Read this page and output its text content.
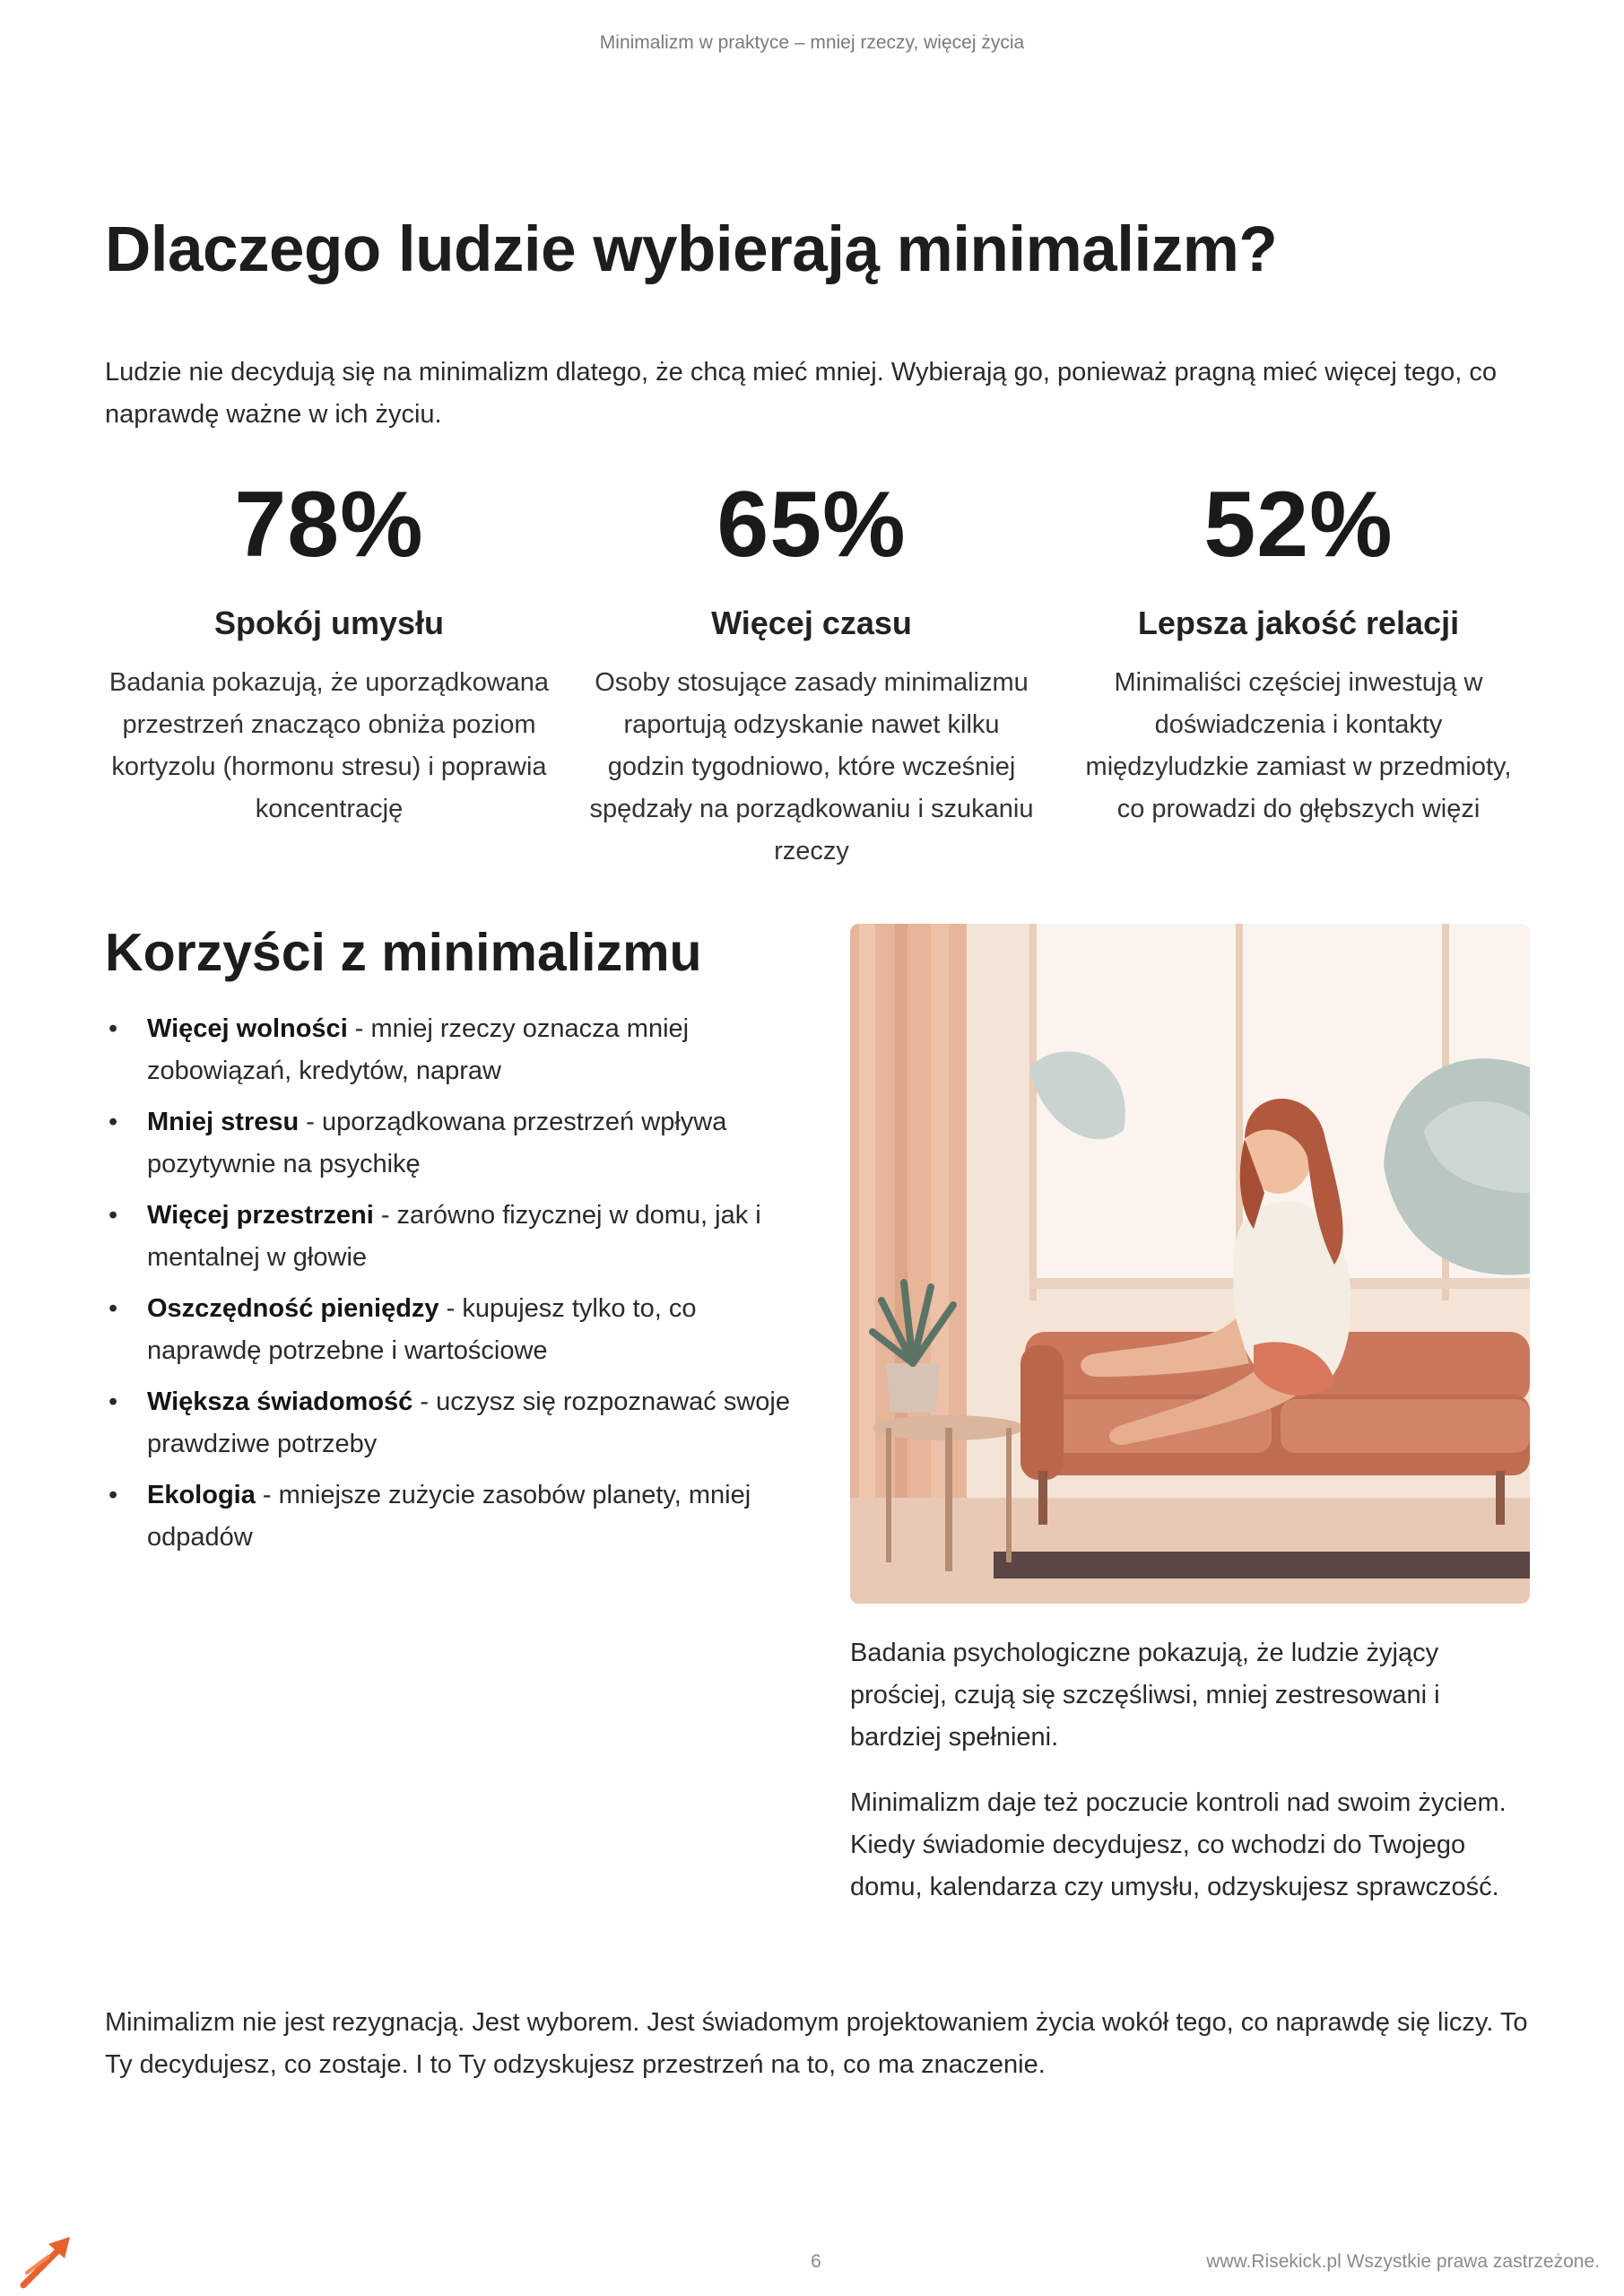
Minimalizm w praktyce – mniej rzeczy, więcej życia
Dlaczego ludzie wybierają minimalizm?

Ludzie nie decydują się na minimalizm dlatego, że chcą mieć mniej. Wybierają go, ponieważ pragną mieć więcej tego, co naprawdę ważne w ich życiu.

78%
Spokój umysłu
Badania pokazują, że uporządkowana przestrzeń znacząco obniża poziom kortyzolu (hormonu stresu) i poprawia koncentrację
65%
Więcej czasu
Osoby stosujące zasady minimalizmu raportują odzyskanie nawet kilku godzin tygodniowo, które wcześniej spędzały na porządkowaniu i szukaniu rzeczy
52%
Lepsza jakość relacji
Minimaliści częściej inwestują w doświadczenia i kontakty międzyludzkie zamiast w przedmioty, co prowadzi do głębszych więzi
Korzyści z minimalizmu
• Więcej wolności - mniej rzeczy oznacza mniej zobowiązań, kredytów, napraw
• Mniej stresu - uporządkowana przestrzeń wpływa pozytywnie na psychikę
• Więcej przestrzeni - zarówno fizycznej w domu, jak i mentalnej w głowie
• Oszczędność pieniędzy - kupujesz tylko to, co naprawdę potrzebne i wartościowe
• Większa świadomość - uczysz się rozpoznawać swoje prawdziwe potrzeby
• Ekologia - mniejsze zużycie zasobów planety, mniej odpadów

Badania psychologiczne pokazują, że ludzie żyjący prościej, czują się szczęśliwsi, mniej zestresowani i bardziej spełnieni.

Minimalizm daje też poczucie kontroli nad swoim życiem. Kiedy świadomie decydujesz, co wchodzi do Twojego domu, kalendarza czy umysłu, odzyskujesz sprawczość.

Minimalizm nie jest rezygnacją. Jest wyborem. Jest świadomym projektowaniem życia wokół tego, co naprawdę się liczy. To Ty decydujesz, co zostaje. I to Ty odzyskujesz przestrzeń na to, co ma znaczenie.

6	www.Risekick.pl Wszystkie prawa zastrzeżone.
